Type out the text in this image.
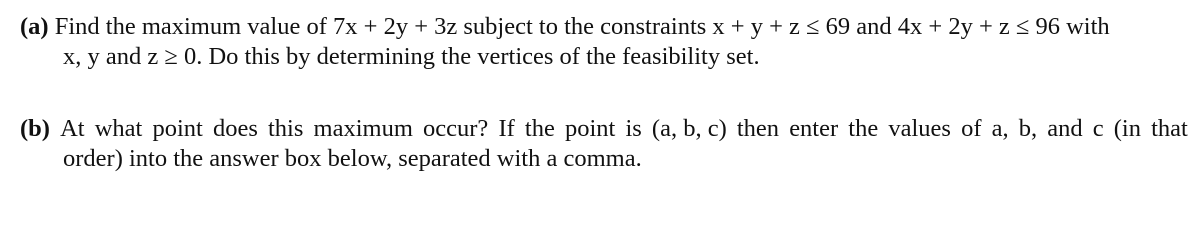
(a) Find the maximum value of 7x + 2y + 3z subject to the constraints x + y + z ≤ 69 and 4x + 2y + z ≤ 96 with
x, y and z ≥ 0. Do this by determining the vertices of the feasibility set.
(b) At what point does this maximum occur? If the point is (a, b, c) then enter the values of a, b, and c (in that
order) into the answer box below, separated with a comma.
